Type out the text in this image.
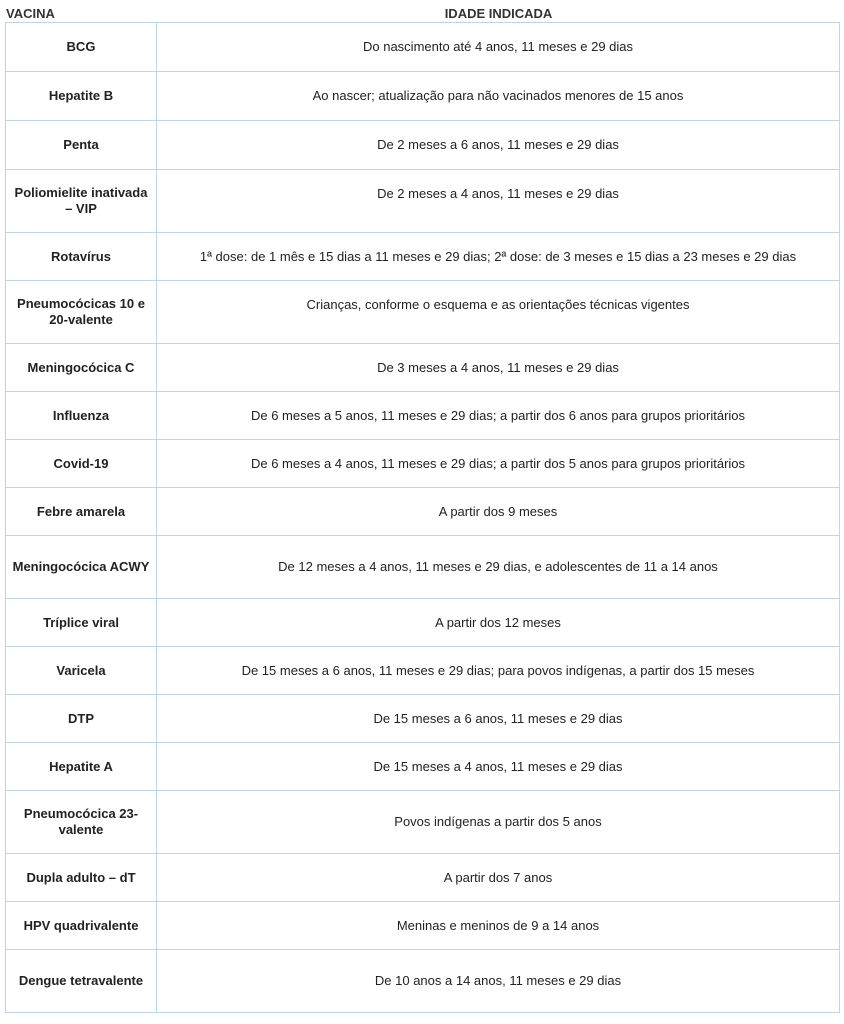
VACINA	IDADE INDICADA
BCG	Do nascimento até 4 anos, 11 meses e 29 dias
Hepatite B	Ao nascer; atualização para não vacinados menores de 15 anos
Penta	De 2 meses a 6 anos, 11 meses e 29 dias
Poliomielite inativada – VIP	De 2 meses a 4 anos, 11 meses e 29 dias
Rotavírus	1ª dose: de 1 mês e 15 dias a 11 meses e 29 dias; 2ª dose: de 3 meses e 15 dias a 23 meses e 29 dias
Pneumocócicas 10 e 20-valente	Crianças, conforme o esquema e as orientações técnicas vigentes
Meningocócica C	De 3 meses a 4 anos, 11 meses e 29 dias
Influenza	De 6 meses a 5 anos, 11 meses e 29 dias; a partir dos 6 anos para grupos prioritários
Covid-19	De 6 meses a 4 anos, 11 meses e 29 dias; a partir dos 5 anos para grupos prioritários
Febre amarela	A partir dos 9 meses
Meningocócica ACWY	De 12 meses a 4 anos, 11 meses e 29 dias, e adolescentes de 11 a 14 anos
Tríplice viral	A partir dos 12 meses
Varicela	De 15 meses a 6 anos, 11 meses e 29 dias; para povos indígenas, a partir dos 15 meses
DTP	De 15 meses a 6 anos, 11 meses e 29 dias
Hepatite A	De 15 meses a 4 anos, 11 meses e 29 dias
Pneumocócica 23-valente	Povos indígenas a partir dos 5 anos
Dupla adulto – dT	A partir dos 7 anos
HPV quadrivalente	Meninas e meninos de 9 a 14 anos
Dengue tetravalente	De 10 anos a 14 anos, 11 meses e 29 dias
